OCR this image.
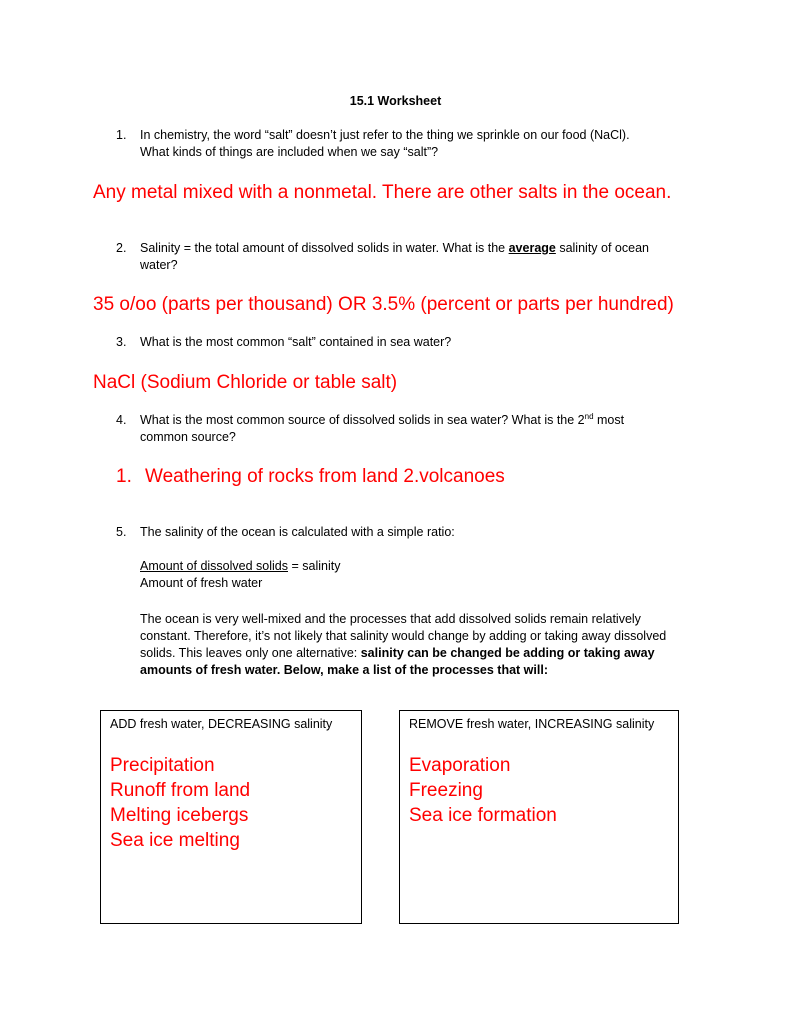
15.1 Worksheet
1. In chemistry, the word “salt” doesn’t just refer to the thing we sprinkle on our food (NaCl).
What kinds of things are included when we say “salt”?
Any metal mixed with a nonmetal. There are other salts in the ocean.
2. Salinity = the total amount of dissolved solids in water. What is the average salinity of ocean
water?
35 o/oo (parts per thousand) OR 3.5% (percent or parts per hundred)
3. What is the most common “salt” contained in sea water?
NaCl (Sodium Chloride or table salt)
4. What is the most common source of dissolved solids in sea water? What is the 2nd most
common source?
1. Weathering of rocks from land 2.volcanoes
5. The salinity of the ocean is calculated with a simple ratio:
Amount of dissolved solids = salinity
Amount of fresh water
The ocean is very well-mixed and the processes that add dissolved solids remain relatively
constant. Therefore, it’s not likely that salinity would change by adding or taking away dissolved
solids. This leaves only one alternative: salinity can be changed be adding or taking away
amounts of fresh water. Below, make a list of the processes that will:
ADD fresh water, DECREASING salinity
Precipitation
Runoff from land
Melting icebergs
Sea ice melting
REMOVE fresh water, INCREASING salinity
Evaporation
Freezing
Sea ice formation
